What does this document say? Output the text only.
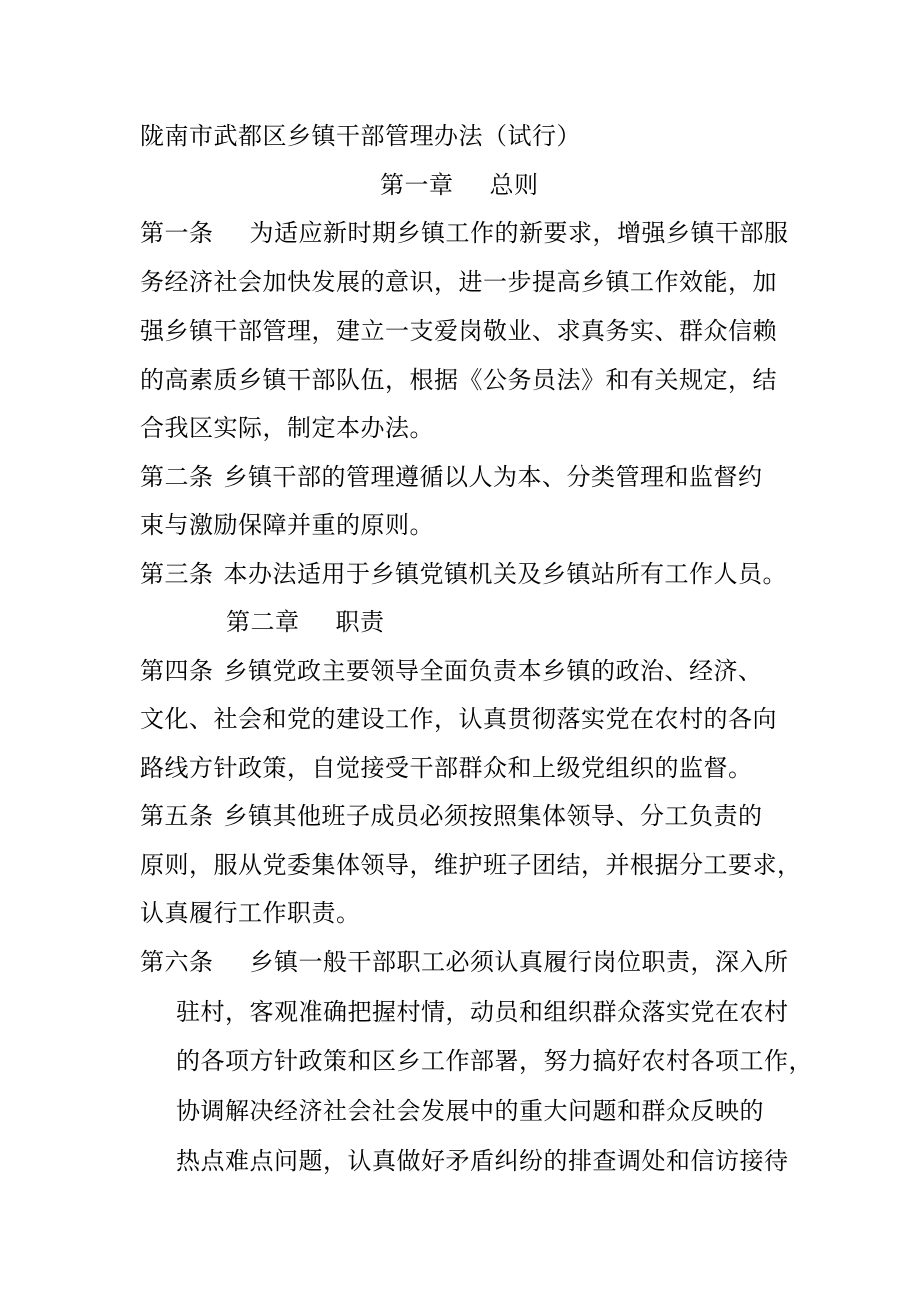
陇南市武都区乡镇干部管理办法（试行）
第一章 总则
第一条 为适应新时期乡镇工作的新要求，增强乡镇干部服
务经济社会加快发展的意识，进一步提高乡镇工作效能，加
强乡镇干部管理，建立一支爱岗敬业、求真务实、群众信赖
的高素质乡镇干部队伍，根据《公务员法》和有关规定，结
合我区实际，制定本办法。
第二条 乡镇干部的管理遵循以人为本、分类管理和监督约
束与激励保障并重的原则。
第三条 本办法适用于乡镇党镇机关及乡镇站所有工作人员。
第二章 职责
第四条 乡镇党政主要领导全面负责本乡镇的政治、经济、
文化、社会和党的建设工作，认真贯彻落实党在农村的各向
路线方针政策，自觉接受干部群众和上级党组织的监督。
第五条 乡镇其他班子成员必须按照集体领导、分工负责的
原则，服从党委集体领导，维护班子团结，并根据分工要求，
认真履行工作职责。
第六条 乡镇一般干部职工必须认真履行岗位职责，深入所
驻村，客观准确把握村情，动员和组织群众落实党在农村
的各项方针政策和区乡工作部署，努力搞好农村各项工作，
协调解决经济社会社会发展中的重大问题和群众反映的
热点难点问题，认真做好矛盾纠纷的排查调处和信访接待
